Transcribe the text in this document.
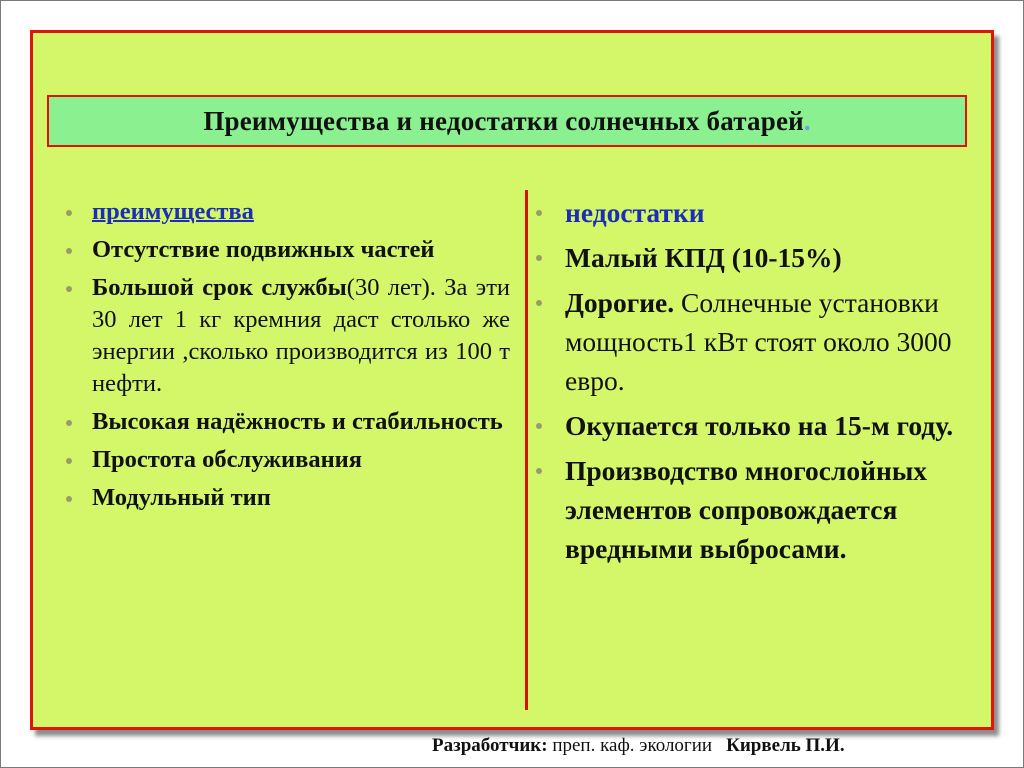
Преимущества и недостатки солнечных батарей .
преимущества
Отсутствие подвижных частей
Большой срок службы(30 лет). За эти 30 лет 1 кг кремния даст столько же энергии ,сколько производится из 100 т нефти.
Высокая надёжность и стабильность
Простота обслуживания
Модульный тип
недостатки
Малый КПД (10-15%)
Дорогие. Солнечные установки мощность1 кВт стоят около 3000 евро.
Окупается только на 15-м году.
Производство многослойных элементов сопровождается вредными выбросами.
Разработчик: преп. каф. экологии Кирвель П.И.
